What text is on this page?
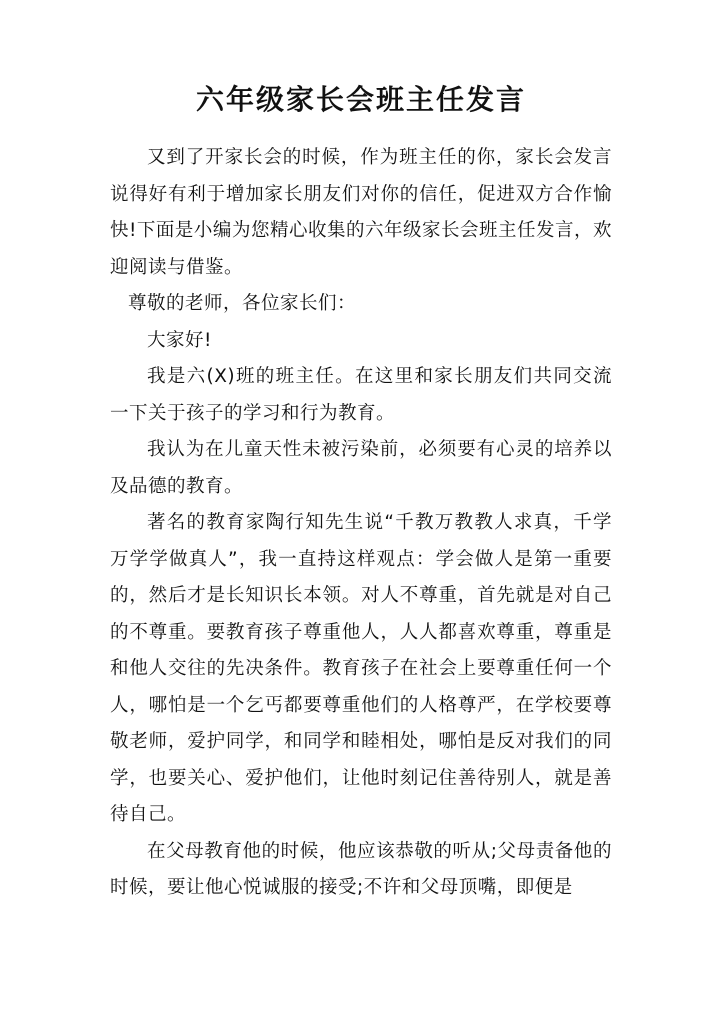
六年级家长会班主任发言

又到了开家长会的时候，作为班主任的你，家长会发言说得好有利于增加家长朋友们对你的信任，促进双方合作愉快!下面是小编为您精心收集的六年级家长会班主任发言，欢迎阅读与借鉴。

尊敬的老师，各位家长们：

大家好!

我是六(X)班的班主任。在这里和家长朋友们共同交流一下关于孩子的学习和行为教育。

我认为在儿童天性未被污染前，必须要有心灵的培养以及品德的教育。

著名的教育家陶行知先生说“千教万教教人求真，千学万学学做真人”，我一直持这样观点：学会做人是第一重要的，然后才是长知识长本领。对人不尊重，首先就是对自己的不尊重。要教育孩子尊重他人，人人都喜欢尊重，尊重是和他人交往的先决条件。教育孩子在社会上要尊重任何一个人，哪怕是一个乞丐都要尊重他们的人格尊严，在学校要尊敬老师，爱护同学，和同学和睦相处，哪怕是反对我们的同学，也要关心、爱护他们，让他时刻记住善待别人，就是善待自己。

在父母教育他的时候，他应该恭敬的听从;父母责备他的时候，要让他心悦诚服的接受;不许和父母顶嘴，即便是
